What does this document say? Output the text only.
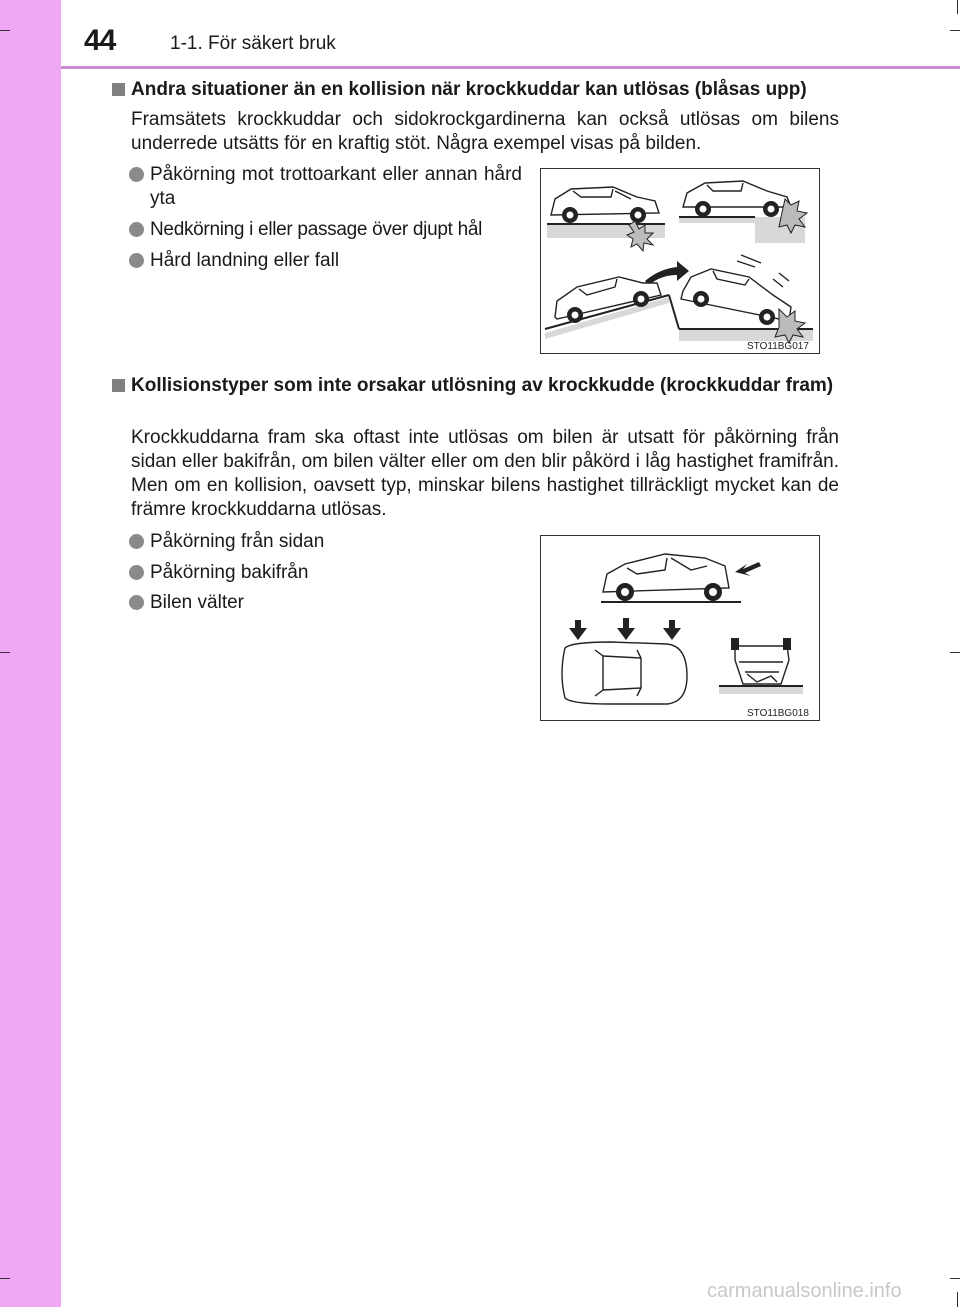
44	1-1. För säkert bruk
Andra situationer än en kollision när krockkuddar kan utlösas (blåsas upp)
Framsätets krockkuddar och sidokrockgardinerna kan också utlösas om bilens underrede utsätts för en kraftig stöt. Några exempel visas på bilden.
Påkörning mot trottoarkant eller annan hård yta
Nedkörning i eller passage över djupt hål
Hård landning eller fall
STO11BG017
Kollisionstyper som inte orsakar utlösning av krockkudde (krockkuddar fram)
Krockkuddarna fram ska oftast inte utlösas om bilen är utsatt för påkörning från sidan eller bakifrån, om bilen välter eller om den blir påkörd i låg hastighet framifrån. Men om en kollision, oavsett typ, minskar bilens hastighet tillräckligt mycket kan de främre krockkuddarna utlösas.
Påkörning från sidan
Påkörning bakifrån
Bilen välter
STO11BG018
carmanualsonline.info
